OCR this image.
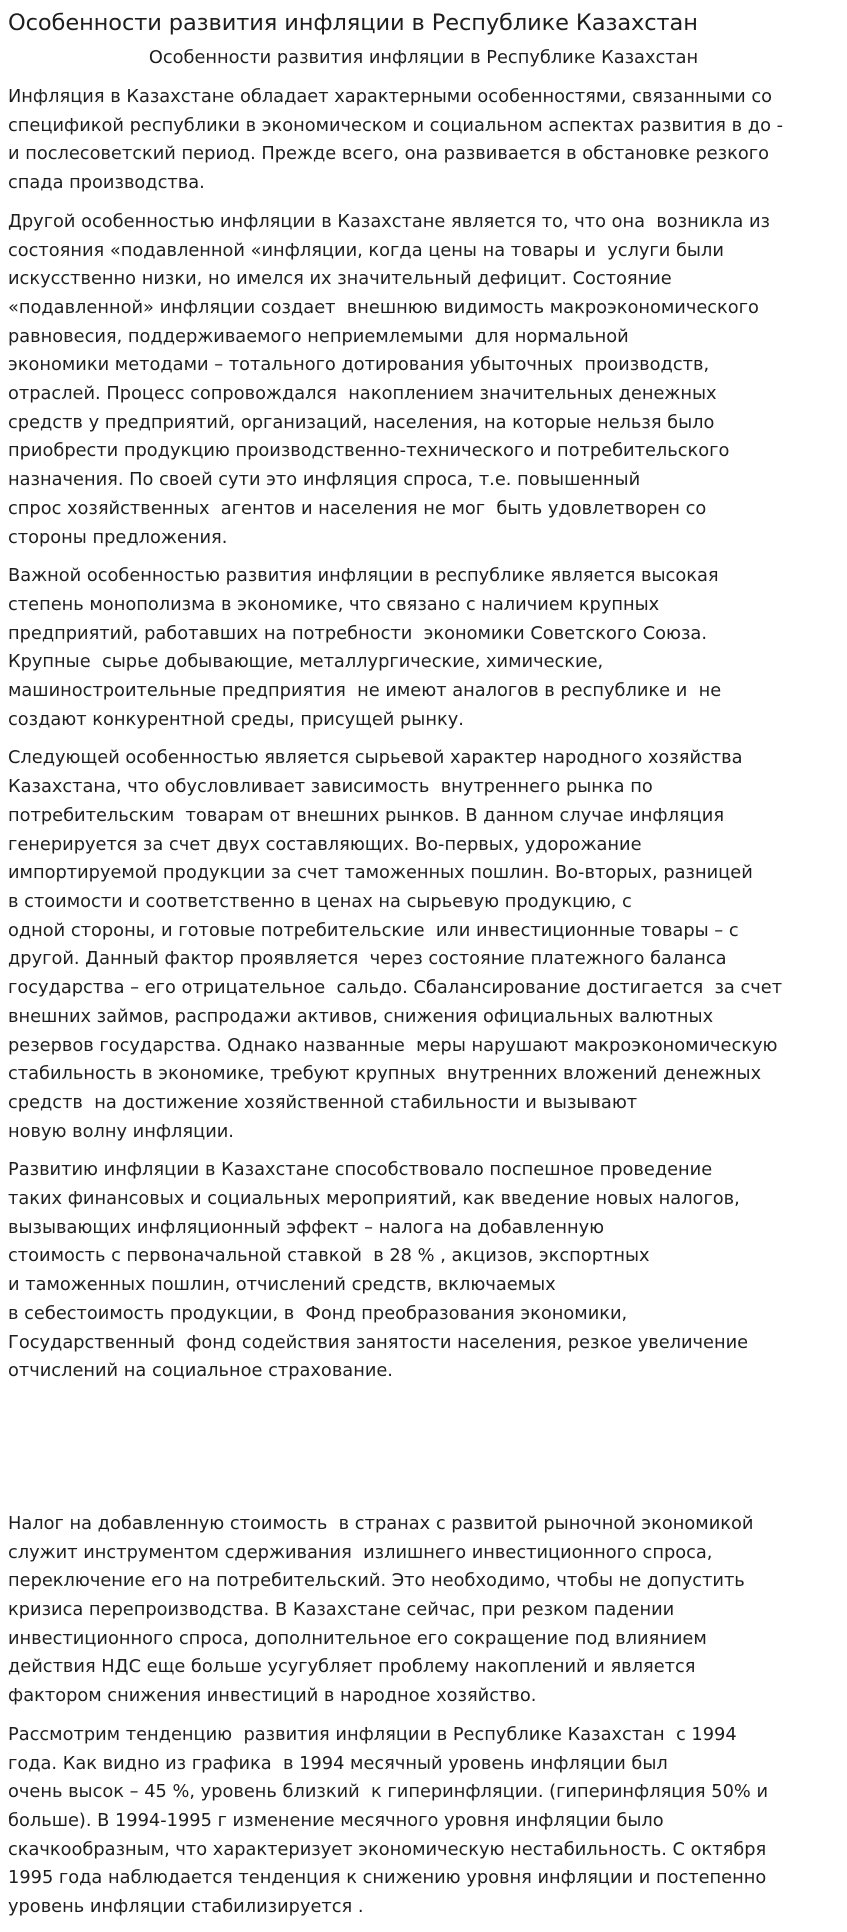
Особенности развития инфляции в Республике Казахстан
Особенности развития инфляции в Республике Казахстан

Инфляция в Казахстане обладает характерными особенностями, связанными со
спецификой республики в экономическом и социальном аспектах развития в до -
и послесоветский период. Прежде всего, она развивается в обстановке резкого
спада производства.

Другой особенностью инфляции в Казахстане является то, что она  возникла из
состояния «подавленной «инфляции, когда цены на товары и  услуги были
искусственно низки, но имелся их значительный дефицит. Состояние
«подавленной» инфляции создает  внешнюю видимость макроэкономического
равновесия, поддерживаемого неприемлемыми  для нормальной
экономики методами – тотального дотирования убыточных  производств,
отраслей. Процесс сопровождался  накоплением значительных денежных
средств у предприятий, организаций, населения, на которые нельзя было
приобрести продукцию производственно-технического и потребительского
назначения. По своей сути это инфляция спроса, т.е. повышенный
спрос хозяйственных  агентов и населения не мог  быть удовлетворен со
стороны предложения.

Важной особенностью развития инфляции в республике является высокая
степень монополизма в экономике, что связано с наличием крупных
предприятий, работавших на потребности  экономики Советского Союза.
Крупные  сырье добывающие, металлургические, химические,
машиностроительные предприятия  не имеют аналогов в республике и  не
создают конкурентной среды, присущей рынку.

Следующей особенностью является сырьевой характер народного хозяйства
Казахстана, что обусловливает зависимость  внутреннего рынка по
потребительским  товарам от внешних рынков. В данном случае инфляция
генерируется за счет двух составляющих. Во-первых, удорожание
импортируемой продукции за счет таможенных пошлин. Во-вторых, разницей
в стоимости и соответственно в ценах на сырьевую продукцию, с
одной стороны, и готовые потребительские  или инвестиционные товары – с
другой. Данный фактор проявляется  через состояние платежного баланса
государства – его отрицательное  сальдо. Сбалансирование достигается  за счет
внешних займов, распродажи активов, снижения официальных валютных
резервов государства. Однако названные  меры нарушают макроэкономическую
стабильность в экономике, требуют крупных  внутренних вложений денежных
средств  на достижение хозяйственной стабильности и вызывают
новую волну инфляции.

Развитию инфляции в Казахстане способствовало поспешное проведение
таких финансовых и социальных мероприятий, как введение новых налогов,
вызывающих инфляционный эффект – налога на добавленную
стоимость с первоначальной ставкой  в 28 % , акцизов, экспортных
и таможенных пошлин, отчислений средств, включаемых
в себестоимость продукции, в  Фонд преобразования экономики,
Государственный  фонд содействия занятости населения, резкое увеличение
отчислений на социальное страхование.

Налог на добавленную стоимость  в странах с развитой рыночной экономикой
служит инструментом сдерживания  излишнего инвестиционного спроса,
переключение его на потребительский. Это необходимо, чтобы не допустить
кризиса перепроизводства. В Казахстане сейчас, при резком падении
инвестиционного спроса, дополнительное его сокращение под влиянием
действия НДС еще больше усугубляет проблему накоплений и является
фактором снижения инвестиций в народное хозяйство.

Рассмотрим тенденцию  развития инфляции в Республике Казахстан  с 1994
года. Как видно из графика  в 1994 месячный уровень инфляции был
очень высок – 45 %, уровень близкий  к гиперинфляции. (гиперинфляция 50% и
больше). В 1994-1995 г изменение месячного уровня инфляции было
скачкообразным, что характеризует экономическую нестабильность. С октября
1995 года наблюдается тенденция к снижению уровня инфляции и постепенно
уровень инфляции стабилизируется .
